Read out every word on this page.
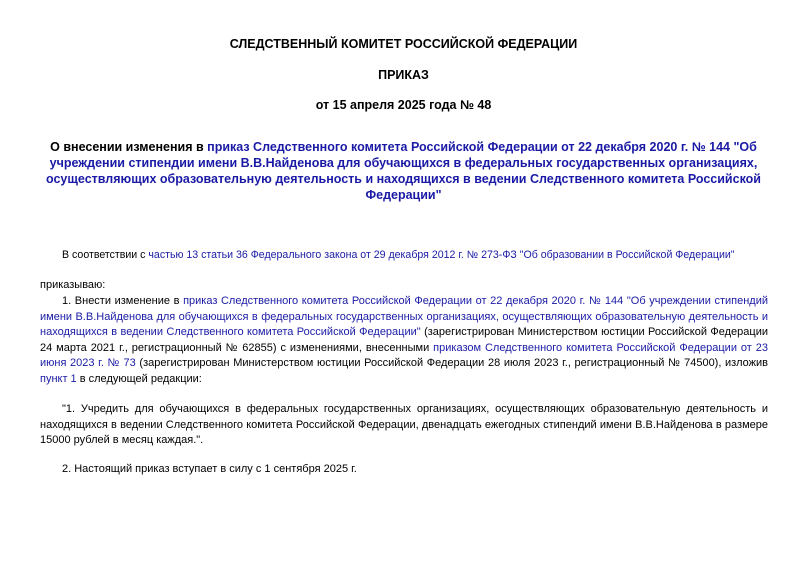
СЛЕДСТВЕННЫЙ КОМИТЕТ РОССИЙСКОЙ ФЕДЕРАЦИИ
ПРИКАЗ
от 15 апреля 2025 года № 48
О внесении изменения в приказ Следственного комитета Российской Федерации от 22 декабря 2020 г. № 144 "Об учреждении стипендии имени В.В.Найденова для обучающихся в федеральных государственных организациях, осуществляющих образовательную деятельность и находящихся в ведении Следственного комитета Российской Федерации"
В соответствии с частью 13 статьи 36 Федерального закона от 29 декабря 2012 г. № 273-ФЗ "Об образовании в Российской Федерации"
приказываю:
1. Внести изменение в приказ Следственного комитета Российской Федерации от 22 декабря 2020 г. № 144 "Об учреждении стипендий имени В.В.Найденова для обучающихся в федеральных государственных организациях, осуществляющих образовательную деятельность и находящихся в ведении Следственного комитета Российской Федерации" (зарегистрирован Министерством юстиции Российской Федерации 24 марта 2021 г., регистрационный № 62855) с изменениями, внесенными приказом Следственного комитета Российской Федерации от 23 июня 2023 г. № 73 (зарегистрирован Министерством юстиции Российской Федерации 28 июля 2023 г., регистрационный № 74500), изложив пункт 1 в следующей редакции:
"1. Учредить для обучающихся в федеральных государственных организациях, осуществляющих образовательную деятельность и находящихся в ведении Следственного комитета Российской Федерации, двенадцать ежегодных стипендий имени В.В.Найденова в размере 15000 рублей в месяц каждая.".
2. Настоящий приказ вступает в силу с 1 сентября 2025 г.
